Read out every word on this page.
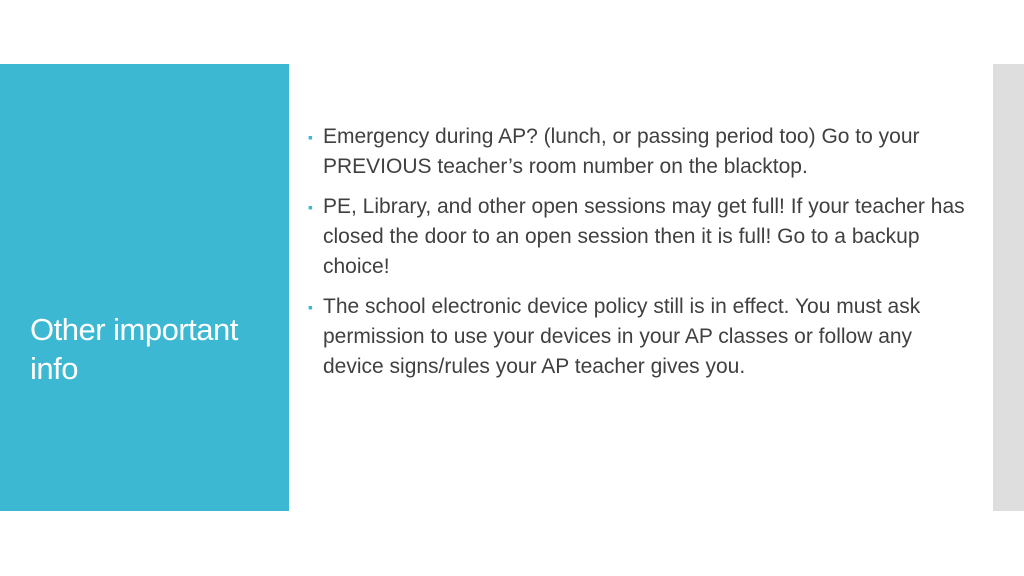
Other important info
▪ Emergency during AP? (lunch, or passing period too) Go to your PREVIOUS teacher’s room number on the blacktop.
▪ PE, Library, and other open sessions may get full! If your teacher has closed the door to an open session then it is full! Go to a backup choice!
▪ The school electronic device policy still is in effect. You must ask permission to use your devices in your AP classes or follow any device signs/rules your AP teacher gives you.
